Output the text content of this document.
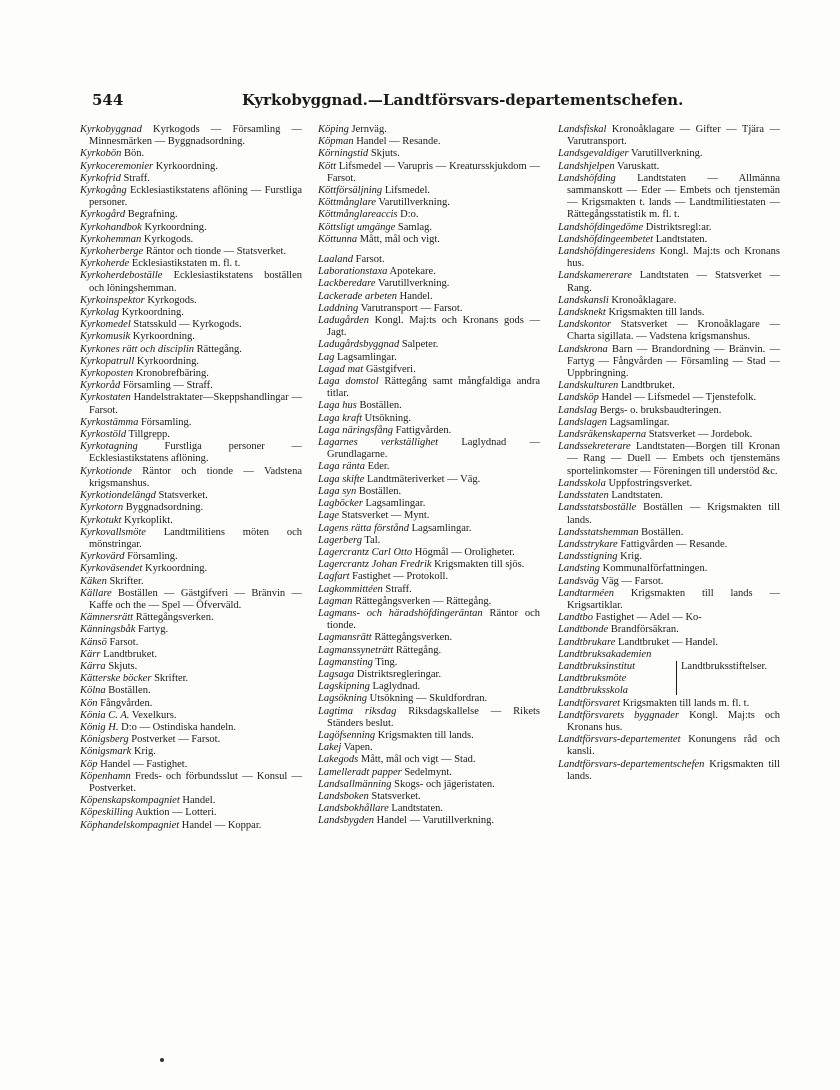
544	Kyrkobyggnad.—Landtförsvars-departementschefen.

Kyrkobyggnad Kyrkogods — Församling — Minnesmärken — Byggnadsordning.

Kyrkobön Bön.

Kyrkoceremonier Kyrkoordning.

Kyrkofrid Straff.

Kyrkogång Ecklesiastikstatens aflöning — Furstliga personer.

Kyrkogård Begrafning.

Kyrkohandbok Kyrkoordning.

Kyrkohemman Kyrkogods.

Kyrkoherberge Räntor och tionde — Statsverket.

Kyrkoherde Ecklesiastikstaten m. fl. t.

Kyrkoherdeboställe Ecklesiastikstatens boställen och löningshemman.

Kyrkoinspektor Kyrkogods.

Kyrkolag Kyrkoordning.

Kyrkomedel Statsskuld — Kyrkogods.

Kyrkomusik Kyrkoordning.

Kyrkones rätt och disciplin Rättegång.

Kyrkopatrull Kyrkoordning.

Kyrkoposten Kronobrefbäring.

Kyrkoråd Församling — Straff.

Kyrkostaten Handelstraktater—Skeppshandlingar — Farsot.

Kyrkostämma Församling.

Kyrkostöld Tillgrepp.

Kyrkotagning Furstliga personer — Ecklesiastikstatens aflöning.

Kyrkotionde Räntor och tionde — Vadstena krigsmanshus.

Kyrkotiondelängd Statsverket.

Kyrkotorn Byggnadsordning.

Kyrkotukt Kyrkoplikt.

Kyrkovallsmöte Landtmilitiens möten och mönstringar.

Kyrkovärd Församling.

Kyrkoväsendet Kyrkoordning.

Käken Skrifter.

Källare Boställen — Gästgifveri — Bränvin — Kaffe och the — Spel — Öfverväld.

Kämnersrätt Rättegångsverken.

Känningsbåk Fartyg.

Känsö Farsot.

Kärr Landtbruket.

Kärra Skjuts.

Kätterske böcker Skrifter.

Kölna Boställen.

Kön Fångvården.

Könia C. A. Vexelkurs.

König H. D:o — Ostindiska handeln.

Königsberg Postverket — Farsot.

Königsmark Krig.

Köp Handel — Fastighet.

Köpenhamn Freds- och förbundsslut — Konsul — Postverket.

Köpenskapskompagniet Handel.

Köpeskilling Auktion — Lotteri.

Köphandelskompagniet Handel — Koppar.

Köping Jernväg.

Köpman Handel — Resande.

Körningstid Skjuts.

Kött Lifsmedel — Varupris — Kreatursskjukdom — Farsot.

Köttförsäljning Lifsmedel.

Köttmånglare Varutillverkning.

Köttmånglareaccis D:o.

Köttsligt umgänge Samlag.

Köttunna Mått, mål och vigt.

Laaland Farsot.

Laborationstaxa Apotekare.

Lackberedare Varutillverkning.

Lackerade arbeten Handel.

Laddning Varutransport — Farsot.

Ladugården Kongl. Maj:ts och Kronans gods — Jagt.

Ladugårdsbyggnad Salpeter.

Lag Lagsamlingar.

Lagad mat Gästgifveri.

Laga domstol Rättegång samt mångfaldiga andra titlar.

Laga hus Boställen.

Laga kraft Utsökning.

Laga näringsfång Fattigvården.

Lagarnes verkställighet Laglydnad — Grundlagarne.

Laga ränta Eder.

Laga skifte Landtmäteriverket — Väg.

Laga syn Boställen.

Lagböcker Lagsamlingar.

Lage Statsverket — Mynt.

Lagens rätta förstånd Lagsamlingar.

Lagerberg Tal.

Lagercrantz Carl Otto Högmål — Oroligheter.

Lagercrantz Johan Fredrik Krigsmakten till sjös.

Lagfart Fastighet — Protokoll.

Lagkommittéen Straff.

Lagman Rättegångsverken — Rättegång.

Lagmans- och häradshöfdingeräntan Räntor och tionde.

Lagmansrätt Rättegångsverken.

Lagmanssyneträtt Rättegång.

Lagmansting Ting.

Lagsaga Distriktsregleringar.

Lagskipning Laglydnad.

Lagsökning Utsökning — Skuldfordran.

Lagtima riksdag Riksdagskallelse — Rikets Ständers beslut.

Lagöfsenning Krigsmakten till lands.

Lakej Vapen.

Lakegods Mått, mål och vigt — Stad.

Lamelleradt papper Sedelmynt.

Landsallmänning Skogs- och jägeristaten.

Landsboken Statsverket.

Landsbokhållare Landtstaten.

Landsbygden Handel — Varutillverkning.

Landsfiskal Kronoåklagare — Gifter — Tjära — Varutransport.

Landsgevaldiger Varutillverkning.

Landshjelpen Varuskatt.

Landshöfding Landtstaten — Allmänna sammanskott — Eder — Embets och tjenstemän — Krigsmakten t. lands — Landtmilitiestaten — Rättegångsstatistik m. fl. t.

Landshöfdingedöme Distriktsregl:ar.

Landshöfdingeembetet Landtstaten.

Landshöfdingeresidens Kongl. Maj:ts och Kronans hus.

Landskamererare Landtstaten — Statsverket — Rang.

Landskansli Kronoåklagare.

Landsknekt Krigsmakten till lands.

Landskontor Statsverket — Kronoåklagare — Charta sigillata. — Vadstena krigsmanshus.

Landskrona Barn — Brandordning — Bränvin. — Fartyg — Fångvården — Församling — Stad — Uppbringning.

Landskulturen Landtbruket.

Landsköp Handel — Lifsmedel — Tjenstefolk.

Landslag Bergs- o. bruksbaudteringen.

Landslagen Lagsamlingar.

Landsräkenskaperna Statsverket — Jordebok.

Landssekreterare Landtstaten—Borgen till Kronan — Rang — Duell — Embets och tjenstemäns sportelinkomster — Föreningen till understöd &c.

Landsskola Uppfostringsverket.

Landsstaten Landtstaten.

Landsstatsboställe Boställen — Krigsmakten till lands.

Landsstatshemman Boställen.

Landsstrykare Fattigvården — Resande.

Landsstigning Krig.

Landsting Kommunalförfattningen.

Landsväg Väg — Farsot.

Landtarméen Krigsmakten till lands — Krigsartiklar.

Landtbo Fastighet — Adel — Ko-

Landtbonde Brandförsäkran.

Landtbrukare Landtbruket — Handel.

Landtbruksakademien
Landtbruksinstitut
Landtbruksmöte
Landtbruksskola
Landtbruksstiftelser.

Landtförsvaret Krigsmakten till lands m. fl. t.

Landtförsvarets byggnader Kongl. Maj:ts och Kronans hus.

Landtförsvars-departementet Konungens råd och kansli.

Landtförsvars-departementschefen Krigsmakten till lands.
